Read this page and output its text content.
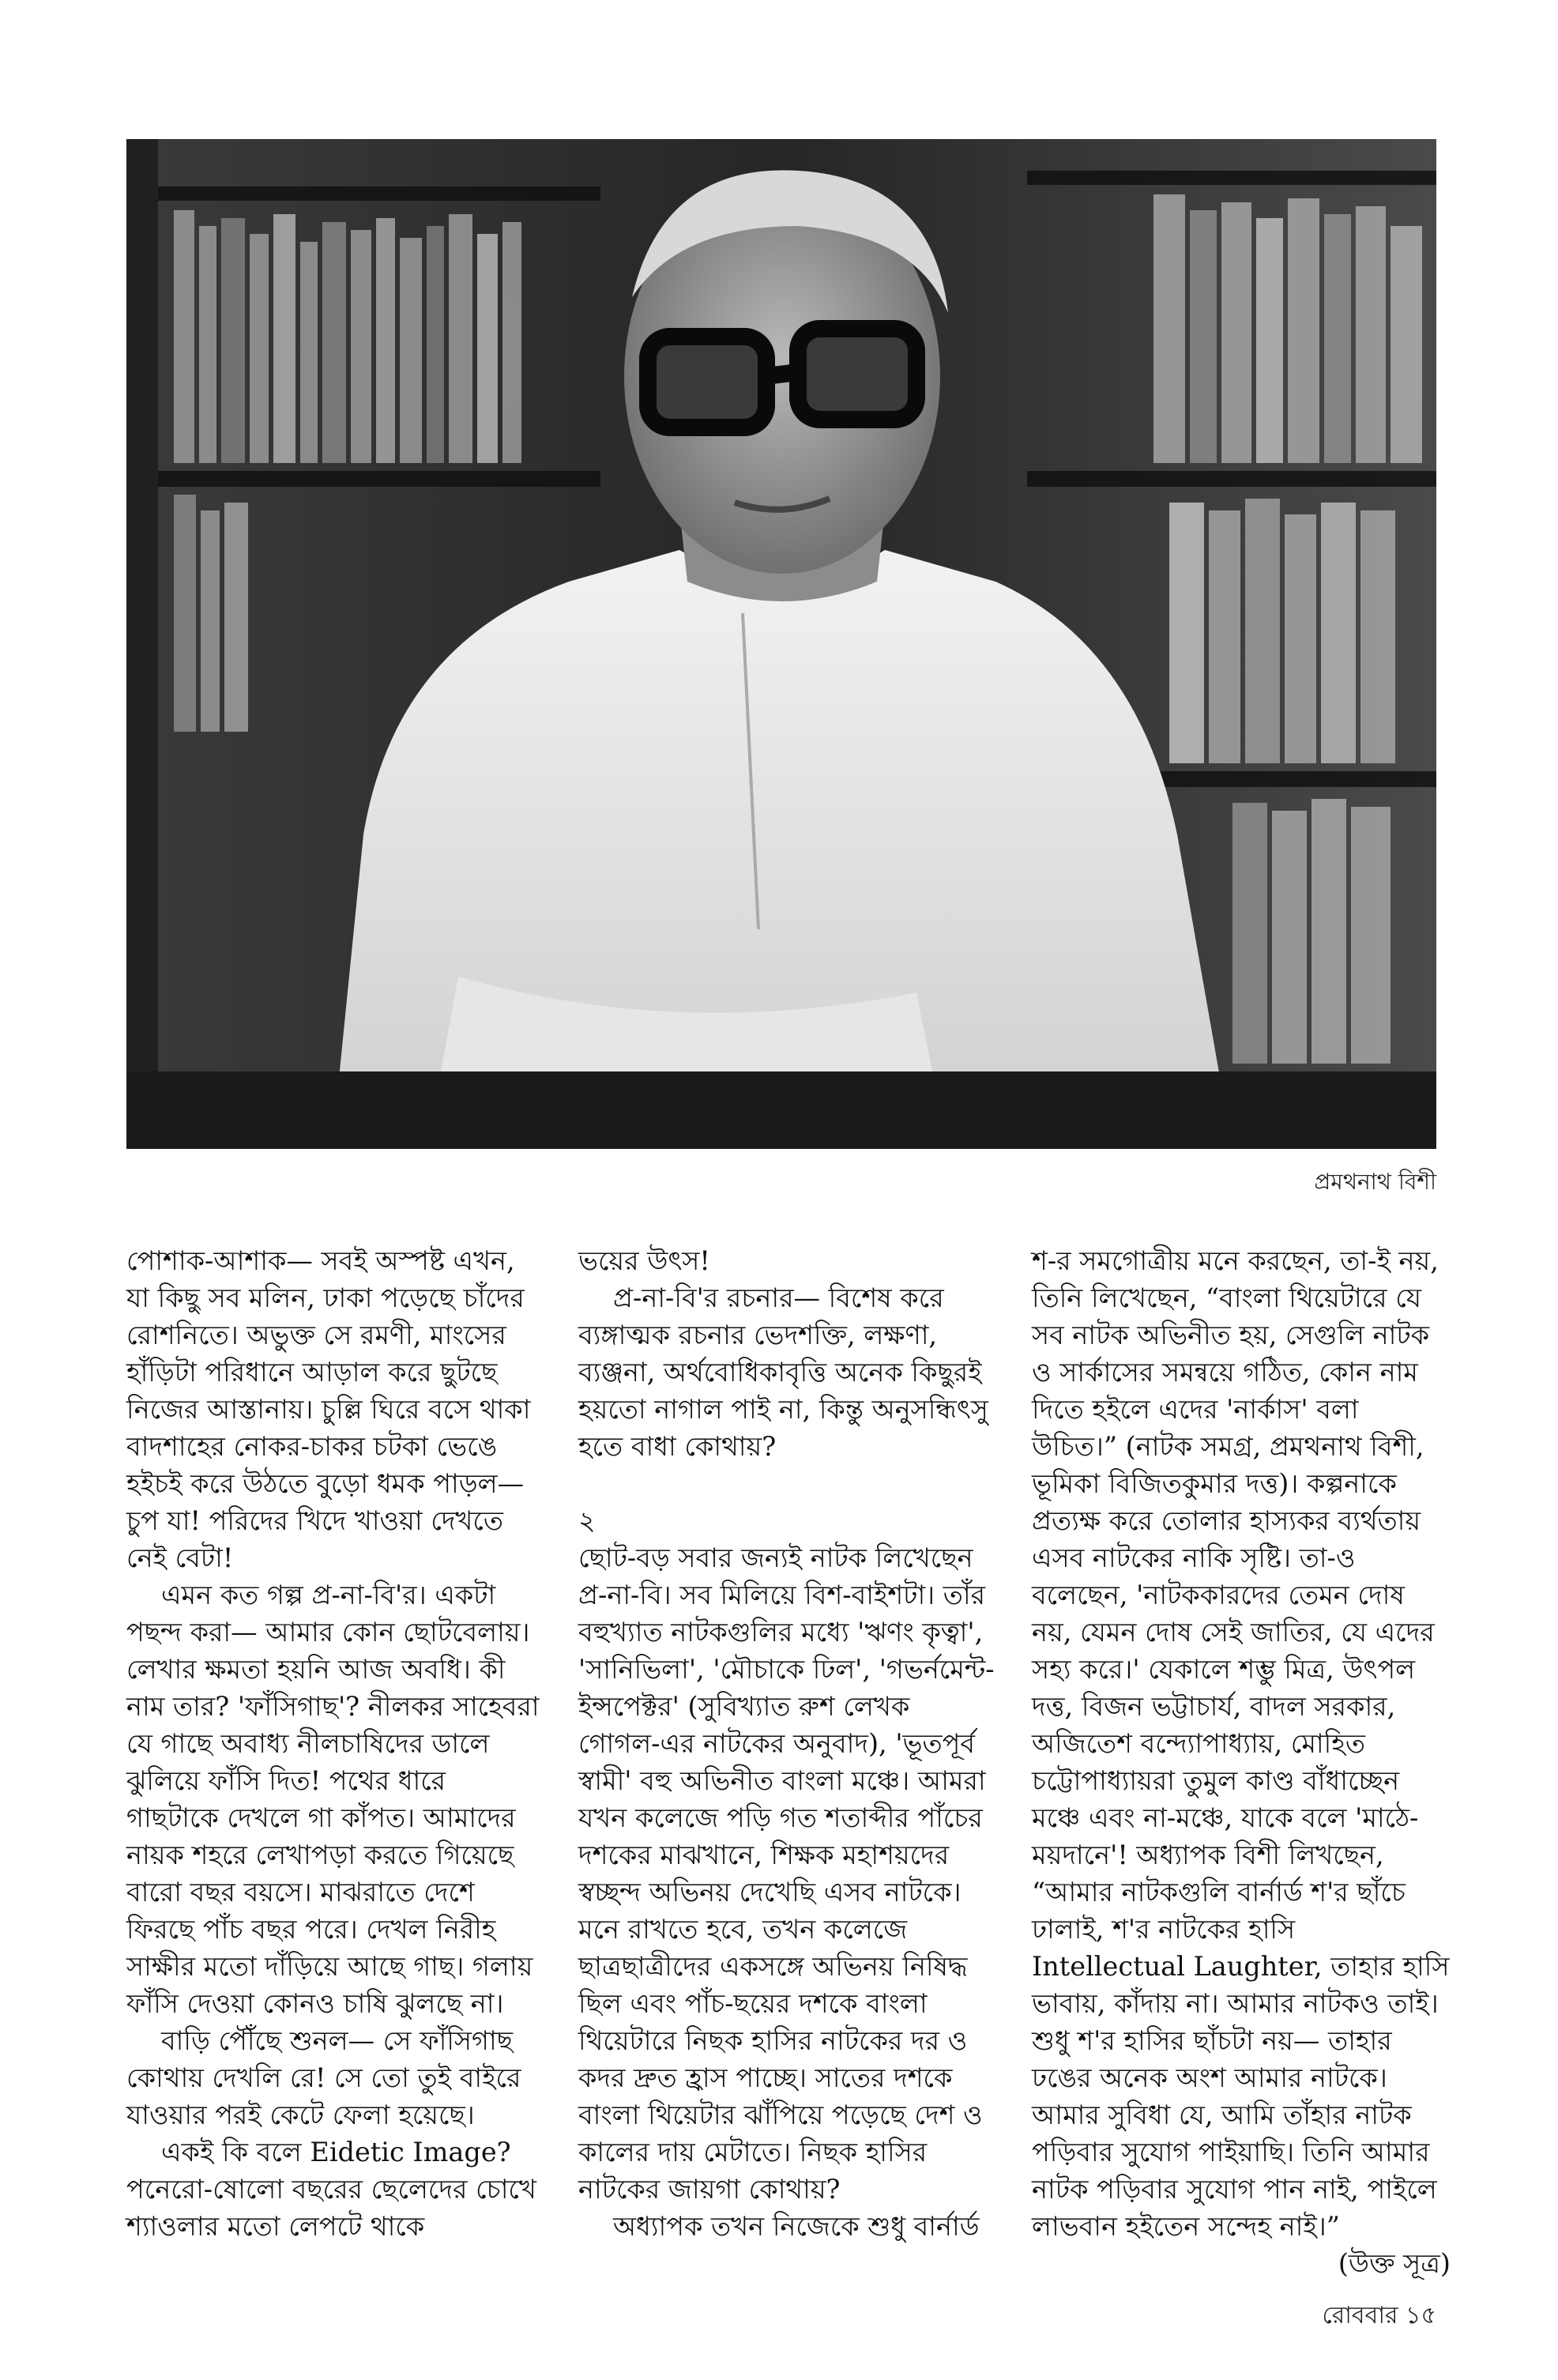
প্রমথনাথ বিশী

পোশাক-আশাক— সবই অস্পষ্ট এখন, যা কিছু সব মলিন, ঢাকা পড়েছে চাঁদের রোশনিতে। অভুক্ত সে রমণী, মাংসের হাঁড়িটা পরিধানে আড়াল করে ছুটছে নিজের আস্তানায়। চুল্লি ঘিরে বসে থাকা বাদশাহের নোকর-চাকর চটকা ভেঙে হইচই করে উঠতে বুড়ো ধমক পাড়ল— চুপ যা! পরিদের খিদে খাওয়া দেখতে নেই বেটা!

এমন কত গল্প প্র-না-বি'র। একটা পছন্দ করা— আমার কোন ছোটবেলায়। লেখার ক্ষমতা হয়নি আজ অবধি। কী নাম তার? 'ফাঁসিগাছ'? নীলকর সাহেবরা যে গাছে অবাধ্য নীলচাষিদের ডালে ঝুলিয়ে ফাঁসি দিত! পথের ধারে গাছটাকে দেখলে গা কাঁপত। আমাদের নায়ক শহরে লেখাপড়া করতে গিয়েছে বারো বছর বয়সে। মাঝরাতে দেশে ফিরছে পাঁচ বছর পরে। দেখল নিরীহ সাক্ষীর মতো দাঁড়িয়ে আছে গাছ। গলায় ফাঁসি দেওয়া কোনও চাষি ঝুলছে না।

বাড়ি পৌঁছে শুনল— সে ফাঁসিগাছ কোথায় দেখলি রে! সে তো তুই বাইরে যাওয়ার পরই কেটে ফেলা হয়েছে।

একই কি বলে Eidetic Image? পনেরো-ষোলো বছরের ছেলেদের চোখে শ্যাওলার মতো লেপটে থাকে

ভয়ের উৎস!

প্র-না-বি'র রচনার— বিশেষ করে ব্যঙ্গাত্মক রচনার ভেদশক্তি, লক্ষণা, ব্যঞ্জনা, অর্থবোধিকাবৃত্তি অনেক কিছুরই হয়তো নাগাল পাই না, কিন্তু অনুসন্ধিৎসু হতে বাধা কোথায়?

২

ছোট-বড় সবার জন্যই নাটক লিখেছেন প্র-না-বি। সব মিলিয়ে বিশ-বাইশটা। তাঁর বহুখ্যাত নাটকগুলির মধ্যে 'ঋণং কৃত্বা', 'সানিভিলা', 'মৌচাকে ঢিল', 'গভর্নমেন্ট-ইন্সপেক্টর' (সুবিখ্যাত রুশ লেখক গোগল-এর নাটকের অনুবাদ), 'ভূতপূর্ব স্বামী' বহু অভিনীত বাংলা মঞ্চে। আমরা যখন কলেজে পড়ি গত শতাব্দীর পাঁচের দশকের মাঝখানে, শিক্ষক মহাশয়দের স্বচ্ছন্দ অভিনয় দেখেছি এসব নাটকে। মনে রাখতে হবে, তখন কলেজে ছাত্রছাত্রীদের একসঙ্গে অভিনয় নিষিদ্ধ ছিল এবং পাঁচ-ছয়ের দশকে বাংলা থিয়েটারে নিছক হাসির নাটকের দর ও কদর দ্রুত হ্রাস পাচ্ছে। সাতের দশকে বাংলা থিয়েটার ঝাঁপিয়ে পড়েছে দেশ ও কালের দায় মেটাতে। নিছক হাসির নাটকের জায়গা কোথায়?

অধ্যাপক তখন নিজেকে শুধু বার্নার্ড

শ-র সমগোত্রীয় মনে করছেন, তা-ই নয়, তিনি লিখেছেন, “বাংলা থিয়েটারে যে সব নাটক অভিনীত হয়, সেগুলি নাটক ও সার্কাসের সমন্বয়ে গঠিত, কোন নাম দিতে হইলে এদের 'নার্কাস' বলা উচিত।” (নাটক সমগ্র, প্রমথনাথ বিশী, ভূমিকা বিজিতকুমার দত্ত)। কল্পনাকে প্রত্যক্ষ করে তোলার হাস্যকর ব্যর্থতায় এসব নাটকের নাকি সৃষ্টি। তা-ও বলেছেন, 'নাটককারদের তেমন দোষ নয়, যেমন দোষ সেই জাতির, যে এদের সহ্য করে।' যেকালে শম্ভু মিত্র, উৎপল দত্ত, বিজন ভট্টাচার্য, বাদল সরকার, অজিতেশ বন্দ্যোপাধ্যায়, মোহিত চট্টোপাধ্যায়রা তুমুল কাণ্ড বাঁধাচ্ছেন মঞ্চে এবং না-মঞ্চে, যাকে বলে 'মাঠে-ময়দানে'! অধ্যাপক বিশী লিখছেন, “আমার নাটকগুলি বার্নার্ড শ'র ছাঁচে ঢালাই, শ'র নাটকের হাসি Intellectual Laughter, তাহার হাসি ভাবায়, কাঁদায় না। আমার নাটকও তাই। শুধু শ'র হাসির ছাঁচটা নয়— তাহার ঢঙের অনেক অংশ আমার নাটকে। আমার সুবিধা যে, আমি তাঁহার নাটক পড়িবার সুযোগ পাইয়াছি। তিনি আমার নাটক পড়িবার সুযোগ পান নাই, পাইলে লাভবান হইতেন সন্দেহ নাই।”

(উক্ত সূত্র)

রোববার ১৫
